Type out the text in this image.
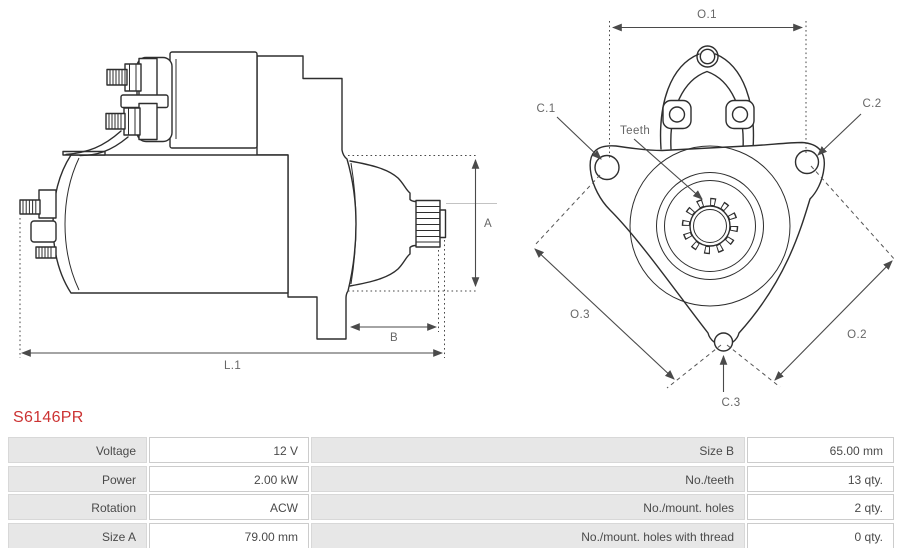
A
B
L.1
O.1
O.3
O.2
C.1	C.2
C.3
Teeth
S6146PR
Voltage	12 V	Size B	65.00 mm
Power	2.00 kW	No./teeth	13 qty.
Rotation	ACW	No./mount. holes	2 qty.
Size A	79.00 mm	No./mount. holes with thread	0 qty.
